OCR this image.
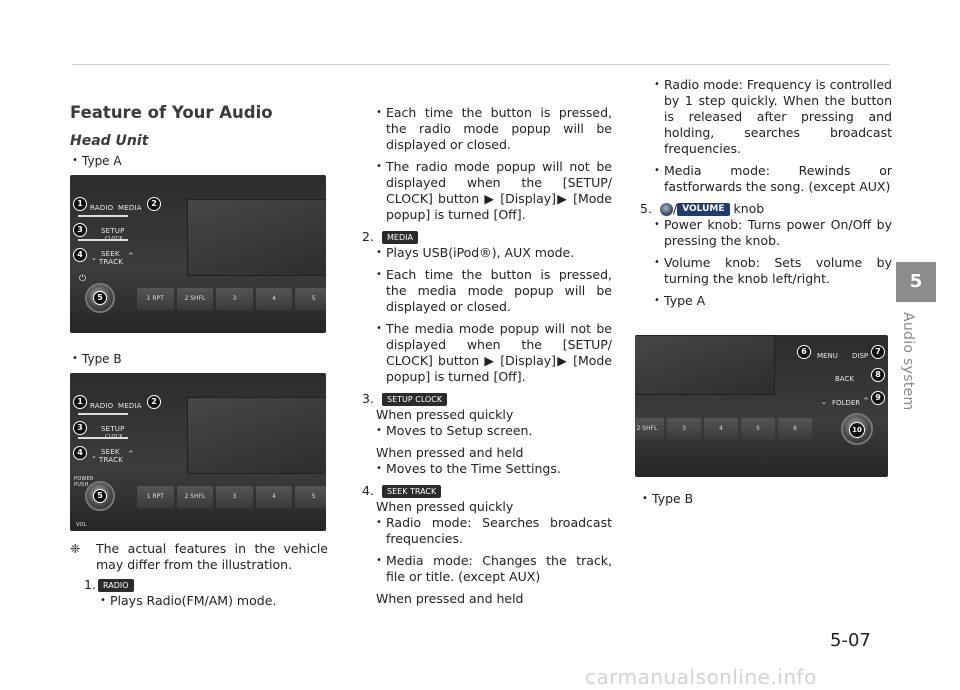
Feature of Your Audio
Head Unit
• Type A
1	RADIO MEDIA	2
3	SETUP
4	⌄ SEEK
TRACK
^
⏻
5	1 RPT	2 SHFL	3	4	5
• Type B
1	RADIO MEDIA	2
3	SETUP
4	⌄ SEEK
TRACK
^
POWER
PUSH
5
VOL
1 RPT	2 SHFL	3	4	5
❈ The actual features in the vehicle may differ from the illustration.
1. RADIO
• Plays Radio(FM/AM) mode.
• Each time the button is pressed, the radio mode popup will be displayed or closed.
• The radio mode popup will not be displayed when the [SETUP/ CLOCK] button ▶ [Display]▶ [Mode popup] is turned [Off].
2. MEDIA
• Plays USB(iPod®), AUX mode.
• Each time the button is pressed, the media mode popup will be displayed or closed.
• The media mode popup will not be displayed when the [SETUP/ CLOCK] button ▶ [Display]▶ [Mode popup] is turned [Off].
3. SETUP CLOCK
When pressed quickly
• Moves to Setup screen.
When pressed and held
• Moves to the Time Settings.
4. SEEK TRACK
When pressed quickly
• Radio mode: Searches broadcast frequencies.
• Media mode: Changes the track, file or title. (except AUX)
When pressed and held
• Radio mode: Frequency is controlled by 1 step quickly. When the button is released after pressing and holding, searches broadcast frequencies.
• Media mode: Rewinds or fastforwards the song. (except AUX)
5. / VOLUME knob
• Power knob: Turns power On/Off by pressing the knob.
• Volume knob: Sets volume by turning the knob left/right.
• Type A
6	MENU DISP 7
BACK	8
⌄ FOLDER ^ 9
2 SHFL	3	4	5	6	10
• Type B
5
Audio system
5-07
carmanualsonline.info
